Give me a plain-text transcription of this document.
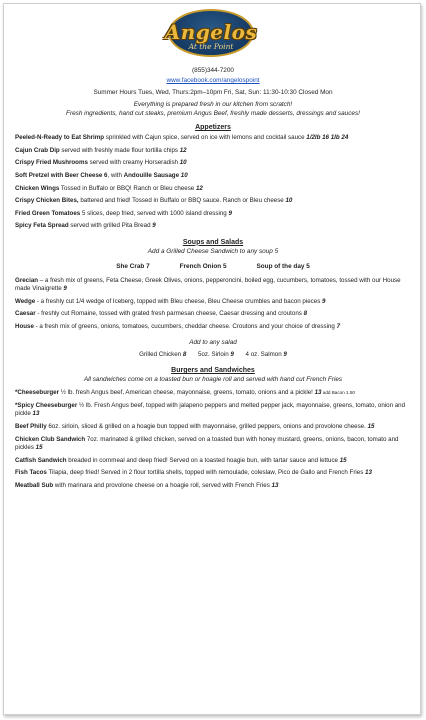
Angelos
At the Point
(855)344-7200
www.facebook.com/angelospoint
Summer Hours Tues, Wed, Thurs:2pm–10pm Fri, Sat, Sun: 11:30-10:30 Closed Mon
Everything is prepared fresh in our kitchen from scratch!
Fresh ingredients, hand cut steaks, premium Angus Beef, freshly made desserts, dressings and sauces!
Appetizers
Peeled-N-Ready to Eat Shrimp sprinkled with Cajun spice, served on ice with lemons and cocktail sauce 1/2lb 16 1lb 24
Cajun Crab Dip served with freshly made flour tortilla chips 12
Crispy Fried Mushrooms served with creamy Horseradish 10
Soft Pretzel with Beer Cheese 6, with Andouille Sausage 10
Chicken Wings Tossed in Buffalo or BBQ! Ranch or Bleu cheese 12
Crispy Chicken Bites, battered and fried! Tossed in Buffalo or BBQ sauce. Ranch or Bleu cheese 10
Fried Green Tomatoes 5 slices, deep fried, served with 1000 island dressing 9
Spicy Feta Spread served with grilled Pita Bread 9
Soups and Salads
Add a Grilled Cheese Sandwich to any soup 5
She Crab 7	French Onion 5	Soup of the day 5
Grecian – a fresh mix of greens, Feta Cheese, Greek Olives, onions, pepperoncini, boiled egg, cucumbers, tomatoes, tossed with our House made Vinaigrette 9
Wedge - a freshly cut 1/4 wedge of Iceberg, topped with Bleu cheese, Bleu Cheese crumbles and bacon pieces 9
Caesar - freshly cut Romaine, tossed with grated fresh parmesan cheese, Caesar dressing and croutons 8
House - a fresh mix of greens, onions, tomatoes, cucumbers, cheddar cheese. Croutons and your choice of dressing 7
Add to any salad
Grilled Chicken 8 5oz. Sirloin 9 4 oz. Salmon 9
Burgers and Sandwiches
All sandwiches come on a toasted bun or hoagie roll and served with hand cut French Fries
*Cheeseburger ½ lb. fresh Angus beef, American cheese, mayonnaise, greens, tomato, onions and a pickle! 13 add Bacon 1.50
*Spicy Cheeseburger ½ lb. Fresh Angus beef, topped with jalapeno peppers and melted pepper jack, mayonnaise, greens, tomato, onion and pickle 13
Beef Philly 6oz. sirloin, sliced & grilled on a hoagie bun topped with mayonnaise, grilled peppers, onions and provolone cheese. 15
Chicken Club Sandwich 7oz. marinated & grilled chicken, served on a toasted bun with honey mustard, greens, onions, bacon, tomato and pickles 15
Catfish Sandwich breaded in cornmeal and deep fried! Served on a toasted hoagie bun, with tartar sauce and lettuce 15
Fish Tacos Tilapia, deep fried! Served in 2 flour tortilla shells, topped with remoulade, coleslaw, Pico de Gallo and French Fries 13
Meatball Sub with marinara and provolone cheese on a hoagie roll, served with French Fries 13
